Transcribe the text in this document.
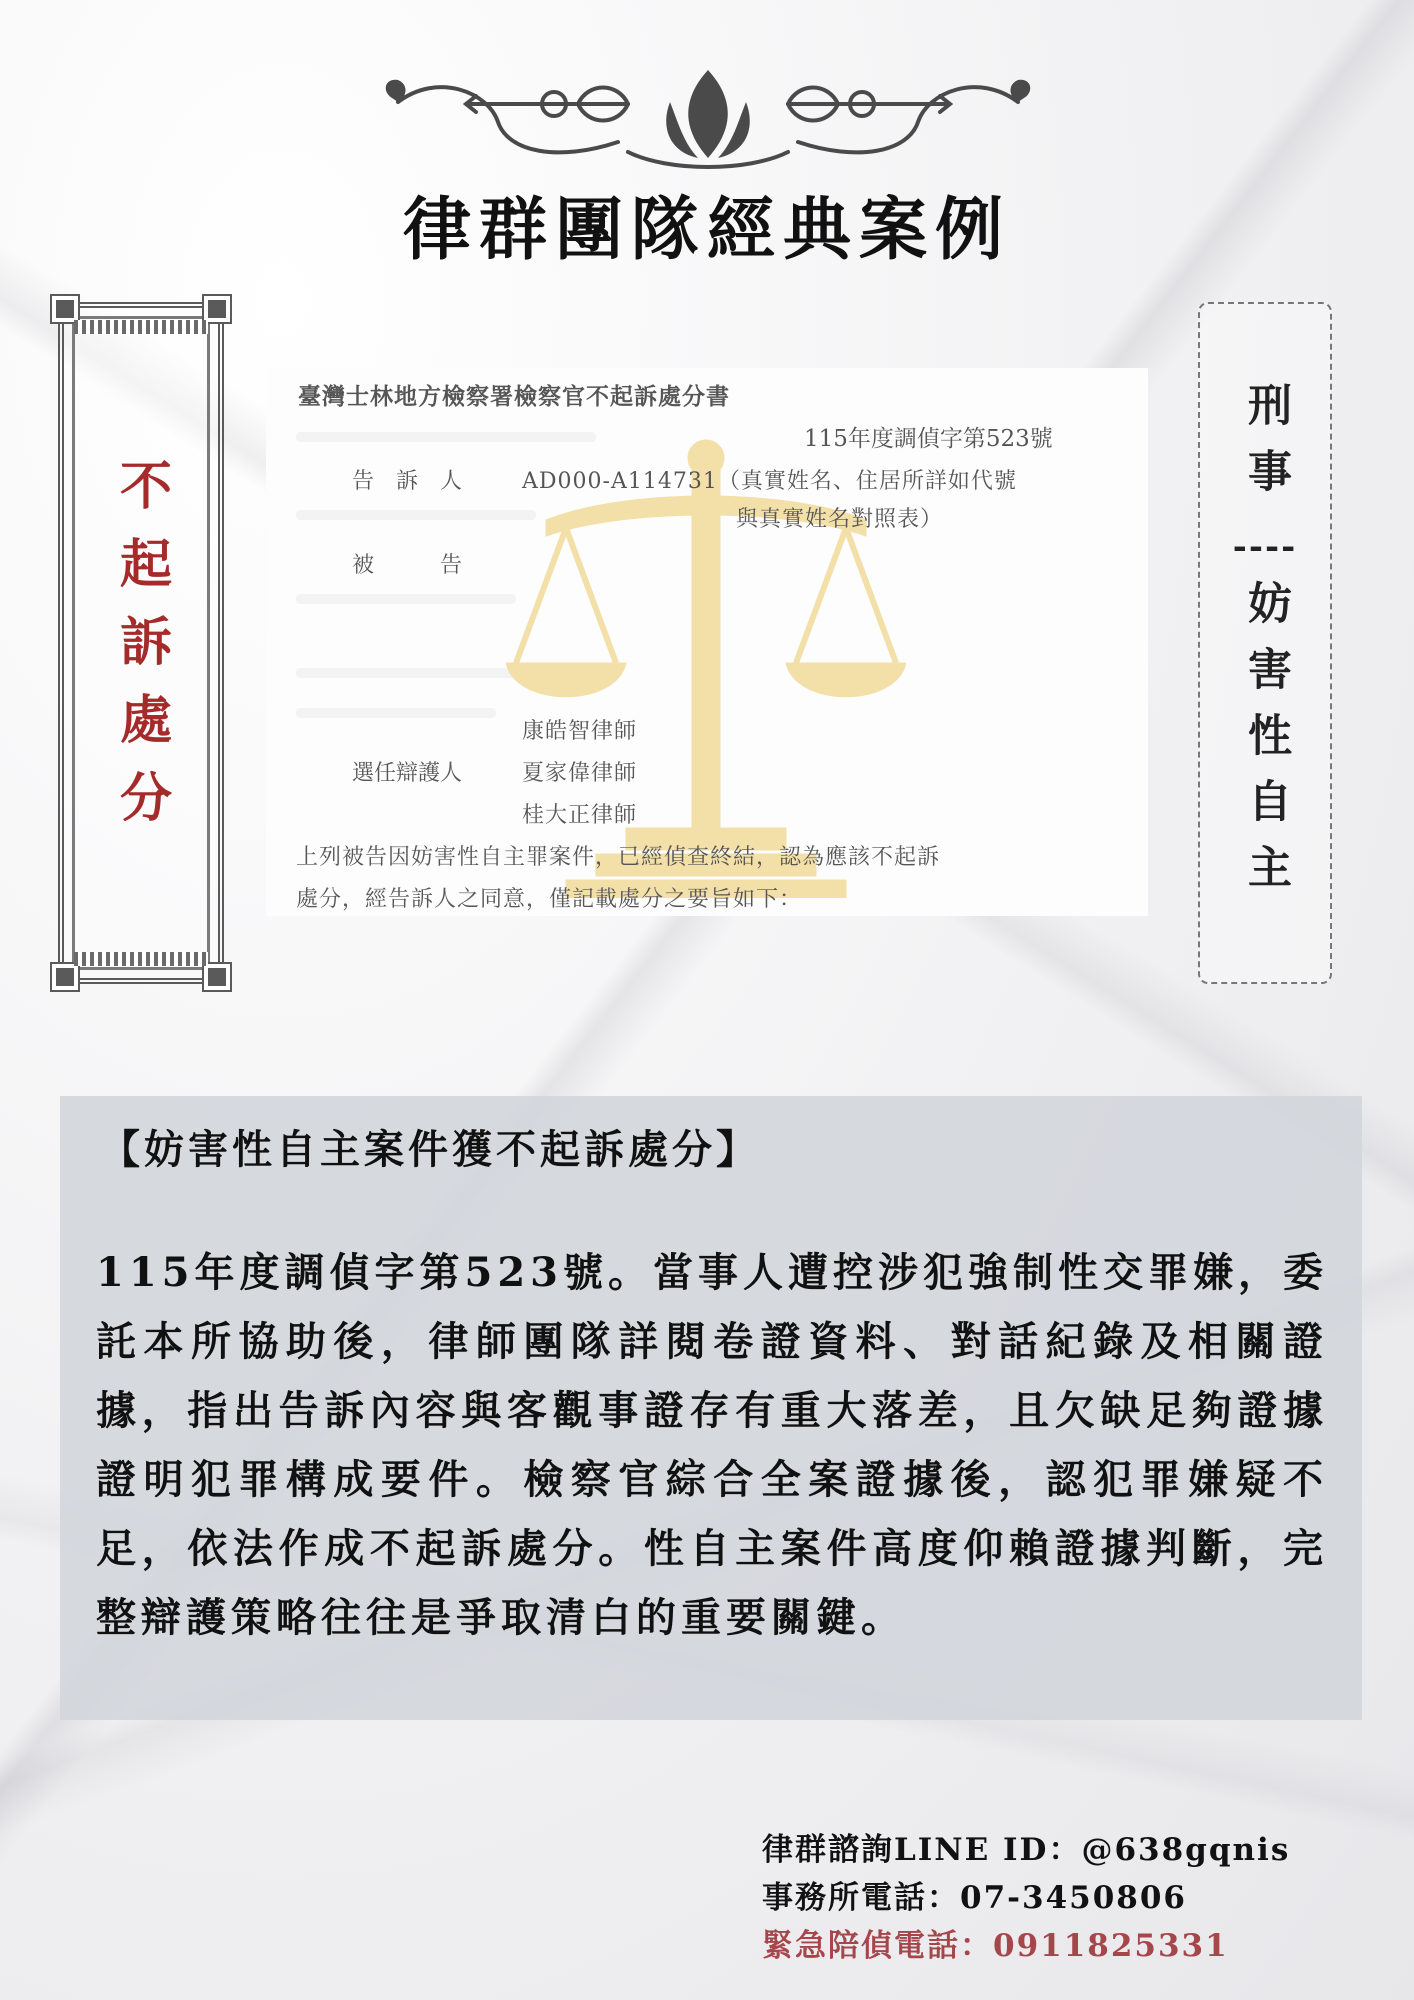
律群團隊經典案例
不起訴處分
刑事
----
妨害性自主
臺灣士林地方檢察署檢察官不起訴處分書
115年度調偵字第523號
告　訴　人	AD000-A114731（真實姓名、住居所詳如代號
與真實姓名對照表）
被　　　告
康皓智律師
選任辯護人	夏家偉律師
桂大正律師
上列被告因妨害性自主罪案件，已經偵查終結，認為應該不起訴
處分，經告訴人之同意，僅記載處分之要旨如下：
【妨害性自主案件獲不起訴處分】
115年度調偵字第523號。當事人遭控涉犯強制性交罪嫌，委託本所協助後，律師團隊詳閱卷證資料、對話紀錄及相關證據，指出告訴內容與客觀事證存有重大落差，且欠缺足夠證據證明犯罪構成要件。檢察官綜合全案證據後，認犯罪嫌疑不足，依法作成不起訴處分。性自主案件高度仰賴證據判斷，完整辯護策略往往是爭取清白的重要關鍵。
律群諮詢LINE ID：@638gqnis
事務所電話：07-3450806
緊急陪偵電話：0911825331
